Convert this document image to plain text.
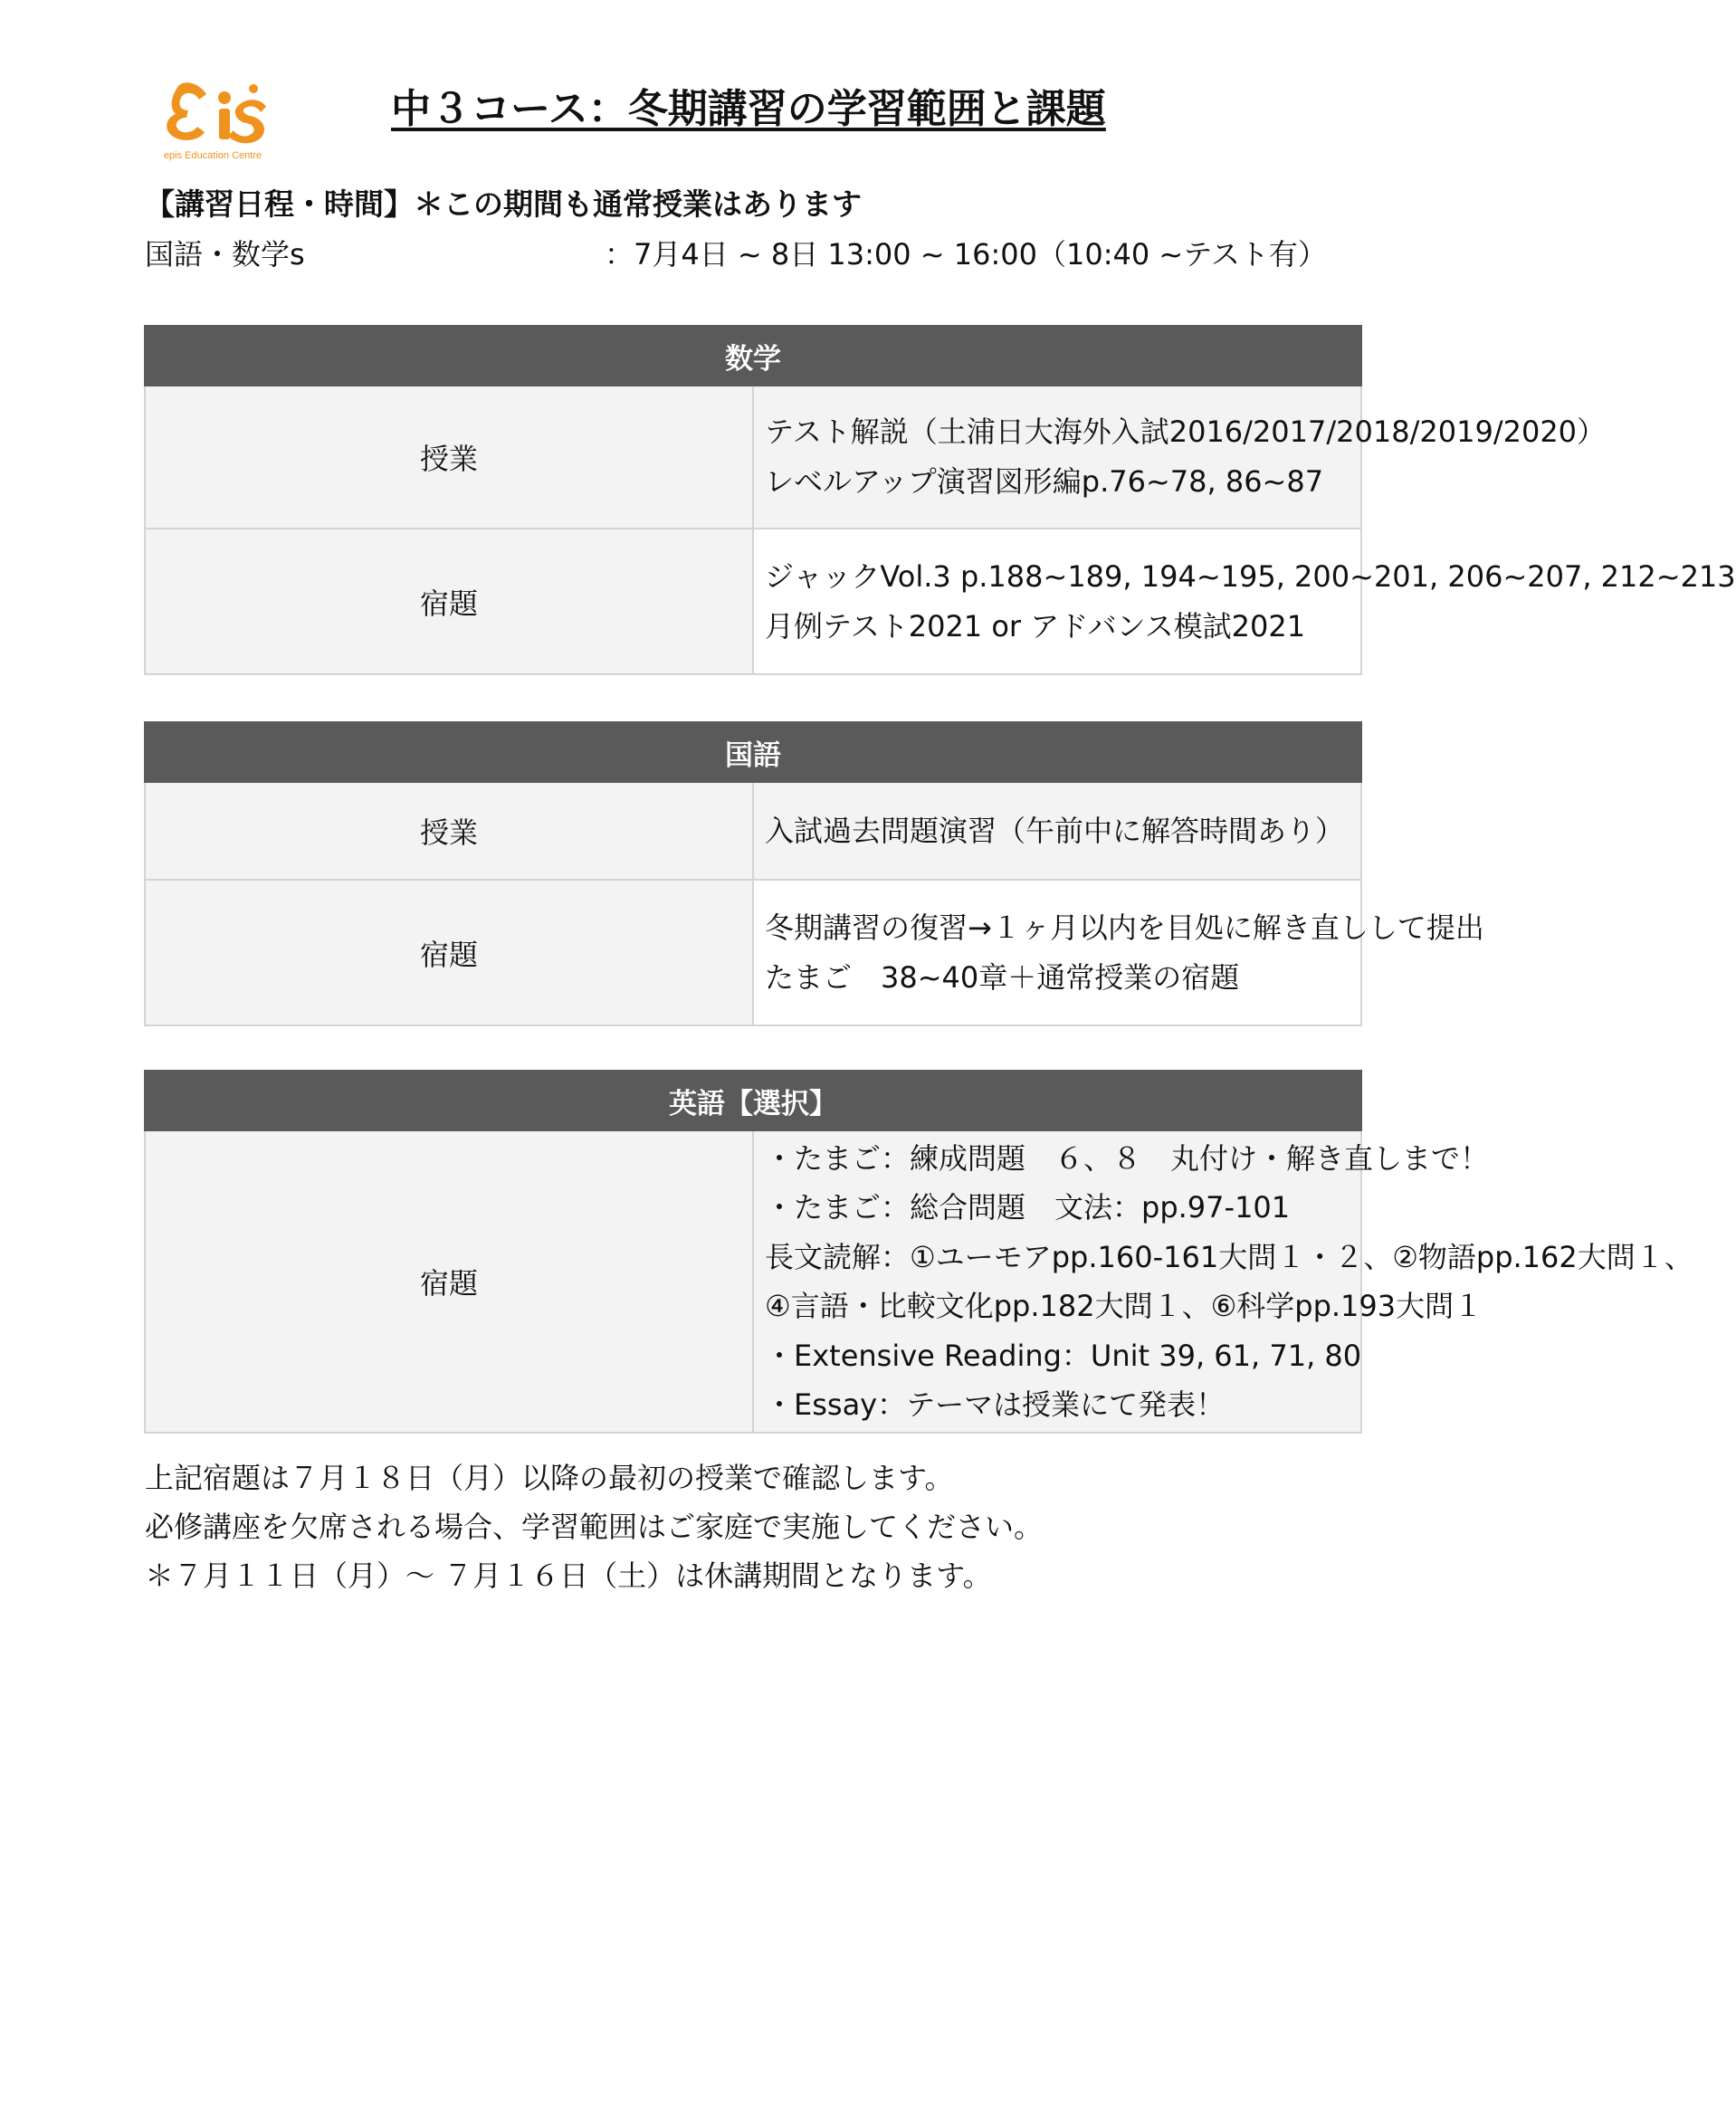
epis Education Centre
中３コース：冬期講習の学習範囲と課題
【講習日程・時間】＊この期間も通常授業はあります
国語・数学s	：7月4日 ~ 8日 13:00 ~ 16:00（10:40 ~テスト有）
数学	
授業	テスト解説（土浦日大海外入試2016/2017/2018/2019/2020）
レベルアップ演習図形編p.76~78, 86~87

宿題	ジャックVol.3 p.188~189, 194~195, 200~201, 206~207, 212~213
月例テスト2021 or アドバンス模試2021
国語	
授業	入試過去問題演習（午前中に解答時間あり）

宿題	冬期講習の復習→１ヶ月以内を目処に解き直しして提出
たまご　38~40章＋通常授業の宿題
英語【選択】
宿題	
・たまご：練成問題　６、８　丸付け・解き直しまで！
・たまご：総合問題　文法：pp.97-101
長文読解：①ユーモアpp.160-161大問１・２、②物語pp.162大問１、
④言語・比較文化pp.182大問１、⑥科学pp.193大問１
・Extensive Reading：Unit 39, 61, 71, 80
・Essay：テーマは授業にて発表！
上記宿題は７月１８日（月）以降の最初の授業で確認します。
必修講座を欠席される場合、学習範囲はご家庭で実施してください。
＊７月１１日（月）〜 ７月１６日（土）は休講期間となります。
